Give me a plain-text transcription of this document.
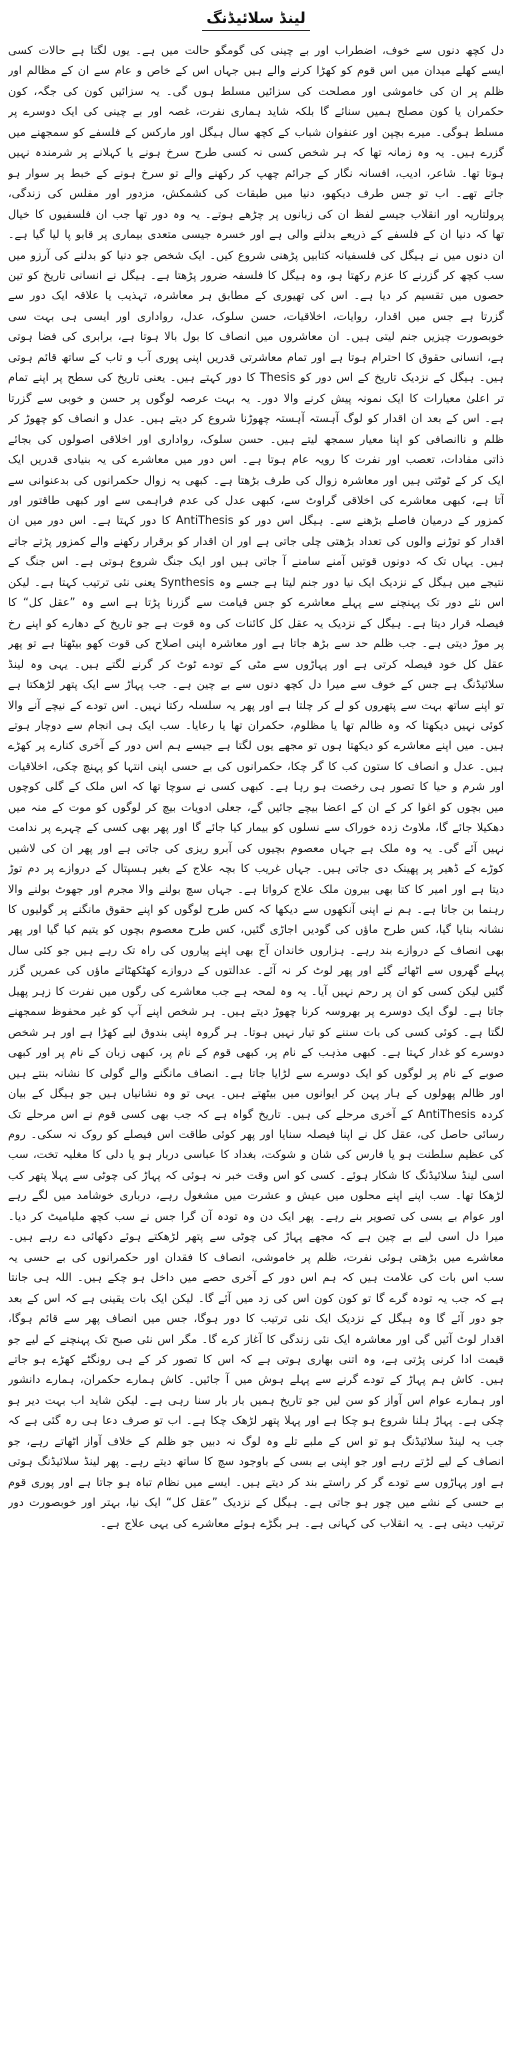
لینڈ سلائیڈنگ
دل کچھ دنوں سے خوف، اضطراب اور بے چینی کی گومگو حالت میں ہے۔ یوں لگتا ہے حالات کسی ایسے کھلے میدان میں اس قوم کو کھڑا کرنے والے ہیں جہاں اس کے خاص و عام سے ان کے مظالم اور ظلم پر ان کی خاموشی اور مصلحت کی سزائیں مسلط ہوں گی۔ یہ سزائیں کون کی جگہ، کون حکمران یا کون مصلح ہمیں سنائے گا بلکہ شاید ہماری نفرت، غصہ اور بے چینی کی ایک دوسرے پر مسلط ہوگی۔ میرے بچپن اور عنفوان شباب کے کچھ سال ہیگل اور مارکس کے فلسفے کو سمجھنے میں گزرے ہیں۔ یہ وہ زمانہ تھا کہ ہر شخص کسی نہ کسی طرح سرخ ہونے یا کہلانے پر شرمندہ نہیں ہوتا تھا۔ شاعر، ادیب، افسانہ نگار کے جرائم چھپ کر رکھنے والے تو سرخ ہونے کے خبط پر سوار ہو جاتے تھے۔ اب تو جس طرف دیکھو، دنیا میں طبقات کی کشمکش، مزدور اور مفلس کی زندگی، پرولتاریہ اور انقلاب جیسے لفظ ان کی زبانوں پر چڑھے ہوتے۔ یہ وہ دور تھا جب ان فلسفیوں کا خیال تھا کہ دنیا ان کے فلسفے کے ذریعے بدلنے والی ہے اور خسرہ جیسی متعدی بیماری پر قابو پا لیا گیا ہے۔ ان دنوں میں نے ہیگل کی فلسفیانہ کتابیں پڑھنی شروع کیں۔ ایک شخص جو دنیا کو بدلنے کی آرزو میں سب کچھ کر گزرنے کا عزم رکھتا ہو، وہ ہیگل کا فلسفہ ضرور پڑھتا ہے۔ ہیگل نے انسانی تاریخ کو تین حصوں میں تقسیم کر دیا ہے۔ اس کی تھیوری کے مطابق ہر معاشرہ، تہذیب یا علاقہ ایک دور سے گزرتا ہے جس میں اقدار، روایات، اخلاقیات، حسن سلوک، عدل، رواداری اور ایسی ہی بہت سی خوبصورت چیزیں جنم لیتی ہیں۔ ان معاشروں میں انصاف کا بول بالا ہوتا ہے، برابری کی فضا ہوتی ہے، انسانی حقوق کا احترام ہوتا ہے اور تمام معاشرتی قدریں اپنی پوری آب و تاب کے ساتھ قائم ہوتی ہیں۔ ہیگل کے نزدیک تاریخ کے اس دور کو Thesis کا دور کہتے ہیں۔ یعنی تاریخ کی سطح پر اپنے تمام تر اعلیٰ معیارات کا ایک نمونہ پیش کرنے والا دور۔ یہ بہت عرصہ لوگوں پر حسن و خوبی سے گزرتا ہے۔ اس کے بعد ان اقدار کو لوگ آہستہ آہستہ چھوڑنا شروع کر دیتے ہیں۔ عدل و انصاف کو چھوڑ کر ظلم و ناانصافی کو اپنا معیار سمجھ لیتے ہیں۔ حسن سلوک، رواداری اور اخلاقی اصولوں کی بجائے ذاتی مفادات، تعصب اور نفرت کا رویہ عام ہوتا ہے۔ اس دور میں معاشرے کی یہ بنیادی قدریں ایک ایک کر کے ٹوٹتی ہیں اور معاشرہ زوال کی طرف بڑھتا ہے۔ کبھی یہ زوال حکمرانوں کی بدعنوانی سے آتا ہے، کبھی معاشرے کی اخلاقی گراوٹ سے، کبھی عدل کی عدم فراہمی سے اور کبھی طاقتور اور کمزور کے درمیان فاصلے بڑھنے سے۔ ہیگل اس دور کو AntiThesis کا دور کہتا ہے۔ اس دور میں ان اقدار کو توڑنے والوں کی تعداد بڑھتی چلی جاتی ہے اور ان اقدار کو برقرار رکھنے والے کمزور پڑتے جاتے ہیں۔ یہاں تک کہ دونوں قوتیں آمنے سامنے آ جاتی ہیں اور ایک جنگ شروع ہوتی ہے۔ اس جنگ کے نتیجے میں ہیگل کے نزدیک ایک نیا دور جنم لیتا ہے جسے وہ Synthesis یعنی نئی ترتیب کہتا ہے۔ لیکن اس نئے دور تک پہنچنے سے پہلے معاشرے کو جس قیامت سے گزرنا پڑتا ہے اسے وہ ”عقل کل“ کا فیصلہ قرار دیتا ہے۔ ہیگل کے نزدیک یہ عقل کل کائنات کی وہ قوت ہے جو تاریخ کے دھارے کو اپنے رخ پر موڑ دیتی ہے۔ جب ظلم حد سے بڑھ جاتا ہے اور معاشرہ اپنی اصلاح کی قوت کھو بیٹھتا ہے تو پھر عقل کل خود فیصلہ کرتی ہے اور پہاڑوں سے مٹی کے تودے ٹوٹ کر گرنے لگتے ہیں۔ یہی وہ لینڈ سلائیڈنگ ہے جس کے خوف سے میرا دل کچھ دنوں سے بے چین ہے۔ جب پہاڑ سے ایک پتھر لڑھکتا ہے تو اپنے ساتھ بہت سے پتھروں کو لے کر چلتا ہے اور پھر یہ سلسلہ رکتا نہیں۔ اس تودے کے نیچے آنے والا کوئی نہیں دیکھتا کہ وہ ظالم تھا یا مظلوم، حکمران تھا یا رعایا۔ سب ایک ہی انجام سے دوچار ہوتے ہیں۔ میں اپنے معاشرے کو دیکھتا ہوں تو مجھے یوں لگتا ہے جیسے ہم اس دور کے آخری کنارے پر کھڑے ہیں۔ عدل و انصاف کا ستون کب کا گر چکا، حکمرانوں کی بے حسی اپنی انتہا کو پہنچ چکی، اخلاقیات اور شرم و حیا کا تصور ہی رخصت ہو رہا ہے۔ کبھی کسی نے سوچا تھا کہ اس ملک کے گلی کوچوں میں بچوں کو اغوا کر کے ان کے اعضا بیچے جائیں گے، جعلی ادویات بیچ کر لوگوں کو موت کے منہ میں دھکیلا جائے گا، ملاوٹ زدہ خوراک سے نسلوں کو بیمار کیا جائے گا اور پھر بھی کسی کے چہرے پر ندامت نہیں آئے گی۔ یہ وہ ملک ہے جہاں معصوم بچیوں کی آبرو ریزی کی جاتی ہے اور پھر ان کی لاشیں کوڑے کے ڈھیر پر پھینک دی جاتی ہیں۔ جہاں غریب کا بچہ علاج کے بغیر ہسپتال کے دروازے پر دم توڑ دیتا ہے اور امیر کا کتا بھی بیرون ملک علاج کرواتا ہے۔ جہاں سچ بولنے والا مجرم اور جھوٹ بولنے والا رہنما بن جاتا ہے۔ ہم نے اپنی آنکھوں سے دیکھا کہ کس طرح لوگوں کو اپنے حقوق مانگنے پر گولیوں کا نشانہ بنایا گیا، کس طرح ماؤں کی گودیں اجاڑی گئیں، کس طرح معصوم بچوں کو یتیم کیا گیا اور پھر بھی انصاف کے دروازے بند رہے۔ ہزاروں خاندان آج بھی اپنے پیاروں کی راہ تک رہے ہیں جو کئی سال پہلے گھروں سے اٹھائے گئے اور پھر لوٹ کر نہ آئے۔ عدالتوں کے دروازے کھٹکھٹاتے ماؤں کی عمریں گزر گئیں لیکن کسی کو ان پر رحم نہیں آیا۔ یہ وہ لمحہ ہے جب معاشرے کی رگوں میں نفرت کا زہر پھیل جاتا ہے۔ لوگ ایک دوسرے پر بھروسہ کرنا چھوڑ دیتے ہیں۔ ہر شخص اپنے آپ کو غیر محفوظ سمجھنے لگتا ہے۔ کوئی کسی کی بات سننے کو تیار نہیں ہوتا۔ ہر گروہ اپنی بندوق لیے کھڑا ہے اور ہر شخص دوسرے کو غدار کہتا ہے۔ کبھی مذہب کے نام پر، کبھی قوم کے نام پر، کبھی زبان کے نام پر اور کبھی صوبے کے نام پر لوگوں کو ایک دوسرے سے لڑایا جاتا ہے۔ انصاف مانگنے والے گولی کا نشانہ بنتے ہیں اور ظالم پھولوں کے ہار پہن کر ایوانوں میں بیٹھتے ہیں۔ یہی تو وہ نشانیاں ہیں جو ہیگل کے بیان کردہ AntiThesis کے آخری مرحلے کی ہیں۔ تاریخ گواہ ہے کہ جب بھی کسی قوم نے اس مرحلے تک رسائی حاصل کی، عقل کل نے اپنا فیصلہ سنایا اور پھر کوئی طاقت اس فیصلے کو روک نہ سکی۔ روم کی عظیم سلطنت ہو یا فارس کی شان و شوکت، بغداد کا عباسی دربار ہو یا دلی کا مغلیہ تخت، سب اسی لینڈ سلائیڈنگ کا شکار ہوئے۔ کسی کو اس وقت خبر نہ ہوئی کہ پہاڑ کی چوٹی سے پہلا پتھر کب لڑھکا تھا۔ سب اپنے اپنے محلوں میں عیش و عشرت میں مشغول رہے، درباری خوشامد میں لگے رہے اور عوام بے بسی کی تصویر بنے رہے۔ پھر ایک دن وہ تودہ آن گرا جس نے سب کچھ ملیامیٹ کر دیا۔ میرا دل اسی لیے بے چین ہے کہ مجھے پہاڑ کی چوٹی سے پتھر لڑھکتے ہوئے دکھائی دے رہے ہیں۔ معاشرے میں بڑھتی ہوئی نفرت، ظلم پر خاموشی، انصاف کا فقدان اور حکمرانوں کی بے حسی یہ سب اس بات کی علامت ہیں کہ ہم اس دور کے آخری حصے میں داخل ہو چکے ہیں۔ اللہ ہی جانتا ہے کہ جب یہ تودہ گرے گا تو کون کون اس کی زد میں آئے گا۔ لیکن ایک بات یقینی ہے کہ اس کے بعد جو دور آئے گا وہ ہیگل کے نزدیک ایک نئی ترتیب کا دور ہوگا، جس میں انصاف پھر سے قائم ہوگا، اقدار لوٹ آئیں گی اور معاشرہ ایک نئی زندگی کا آغاز کرے گا۔ مگر اس نئی صبح تک پہنچنے کے لیے جو قیمت ادا کرنی پڑتی ہے، وہ اتنی بھاری ہوتی ہے کہ اس کا تصور کر کے ہی رونگٹے کھڑے ہو جاتے ہیں۔ کاش ہم پہاڑ کے تودے گرنے سے پہلے ہوش میں آ جائیں۔ کاش ہمارے حکمران، ہمارے دانشور اور ہمارے عوام اس آواز کو سن لیں جو تاریخ ہمیں بار بار سنا رہی ہے۔ لیکن شاید اب بہت دیر ہو چکی ہے۔ پہاڑ ہلنا شروع ہو چکا ہے اور پہلا پتھر لڑھک چکا ہے۔ اب تو صرف دعا ہی رہ گئی ہے کہ جب یہ لینڈ سلائیڈنگ ہو تو اس کے ملبے تلے وہ لوگ نہ دبیں جو ظلم کے خلاف آواز اٹھاتے رہے، جو انصاف کے لیے لڑتے رہے اور جو اپنی بے بسی کے باوجود سچ کا ساتھ دیتے رہے۔ پھر لینڈ سلائیڈنگ ہوتی ہے اور پہاڑوں سے تودے گر کر راستے بند کر دیتے ہیں۔ ایسے میں نظام تباہ ہو جاتا ہے اور پوری قوم بے حسی کے نشے میں چور ہو جاتی ہے۔ ہیگل کے نزدیک ”عقل کل“ ایک نیا، بہتر اور خوبصورت دور ترتیب دیتی ہے۔ یہ انقلاب کی کہانی ہے۔ ہر بگڑے ہوئے معاشرے کی یہی علاج ہے۔
